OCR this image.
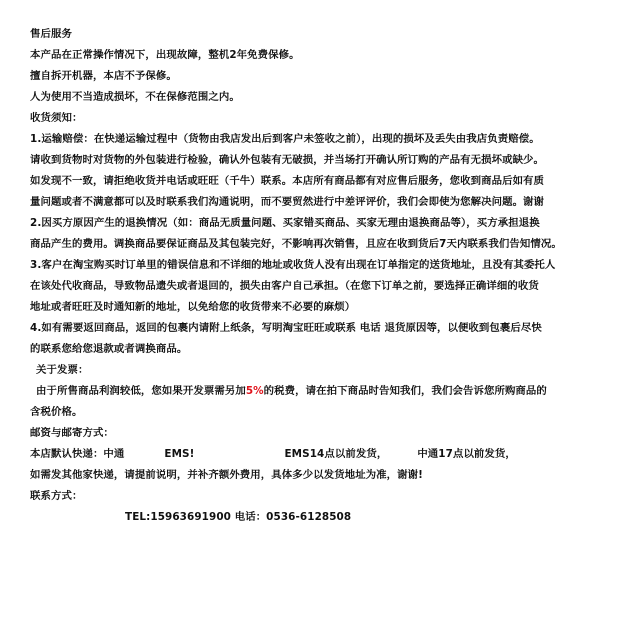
售后服务
本产品在正常操作情况下，出现故障，整机2年免费保修。
擅自拆开机器，本店不予保修。
人为使用不当造成损坏，不在保修范围之内。
收货须知：
1.运输赔偿：在快递运输过程中（货物由我店发出后到客户未签收之前），出现的损坏及丢失由我店负责赔偿。
请收到货物时对货物的外包装进行检验，确认外包装有无破损，并当场打开确认所订购的产品有无损坏或缺少。
如发现不一致，请拒绝收货并电话或旺旺（千牛）联系。本店所有商品都有对应售后服务，您收到商品后如有质
量问题或者不满意都可以及时联系我们沟通说明，而不要贸然进行中差评评价，我们会即使为您解决问题。谢谢
2.因买方原因产生的退换情况（如：商品无质量问题、买家错买商品、买家无理由退换商品等），买方承担退换
商品产生的费用。调换商品要保证商品及其包装完好，不影响再次销售，且应在收到货后7天内联系我们告知情况。
3.客户在淘宝购买时订单里的错误信息和不详细的地址或收货人没有出现在订单指定的送货地址，且没有其委托人
在该处代收商品，导致物品遗失或者退回的，损失由客户自己承担。（在您下订单之前，要选择正确详细的收货
地址或者旺旺及时通知新的地址，以免给您的收货带来不必要的麻烦）
4.如有需要返回商品，返回的包裹内请附上纸条，写明淘宝旺旺或联系 电话 退货原因等，以便收到包裹后尽快
的联系您给您退款或者调换商品。
关于发票：
由于所售商品利润较低，您如果开发票需另加5%的税费，请在拍下商品时告知我们，我们会告诉您所购商品的
含税价格。
邮资与邮寄方式：
本店默认快递：中通	EMS!	EMS14点以前发货，	中通17点以前发货，
如需发其他家快递，请提前说明，并补齐额外费用，具体多少以发货地址为准，谢谢!
联系方式：
TEL:15963691900 电话：0536-6128508
